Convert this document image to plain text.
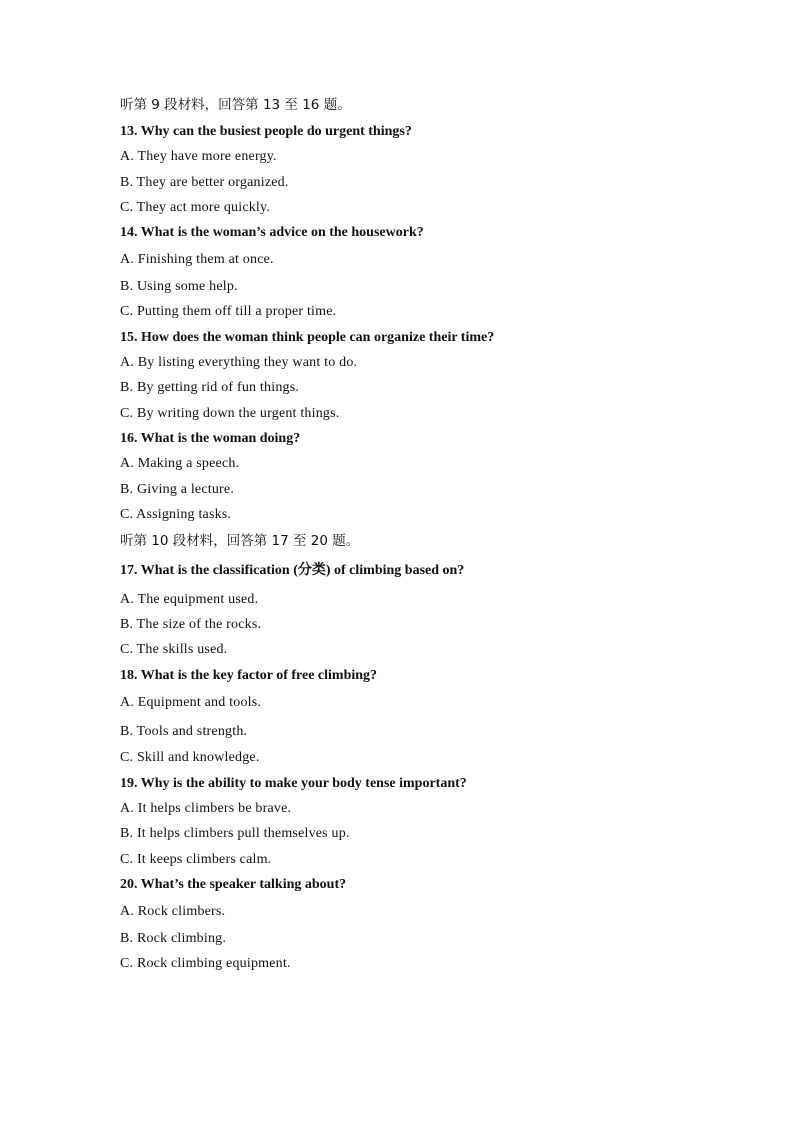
听第 9 段材料，回答第 13 至 16 题。
13. Why can the busiest people do urgent things?
A. They have more energy.
B. They are better organized.
C. They act more quickly.
14. What is the woman’s advice on the housework?
A. Finishing them at once.
B. Using some help.
C. Putting them off till a proper time.
15. How does the woman think people can organize their time?
A. By listing everything they want to do.
B. By getting rid of fun things.
C. By writing down the urgent things.
16. What is the woman doing?
A. Making a speech.
B. Giving a lecture.
C. Assigning tasks.
听第 10 段材料，回答第 17 至 20 题。
17. What is the classification (分类) of climbing based on?
A. The equipment used.
B. The size of the rocks.
C. The skills used.
18. What is the key factor of free climbing?
A. Equipment and tools.
B. Tools and strength.
C. Skill and knowledge.
19. Why is the ability to make your body tense important?
A. It helps climbers be brave.
B. It helps climbers pull themselves up.
C. It keeps climbers calm.
20. What’s the speaker talking about?
A. Rock climbers.
B. Rock climbing.
C. Rock climbing equipment.
